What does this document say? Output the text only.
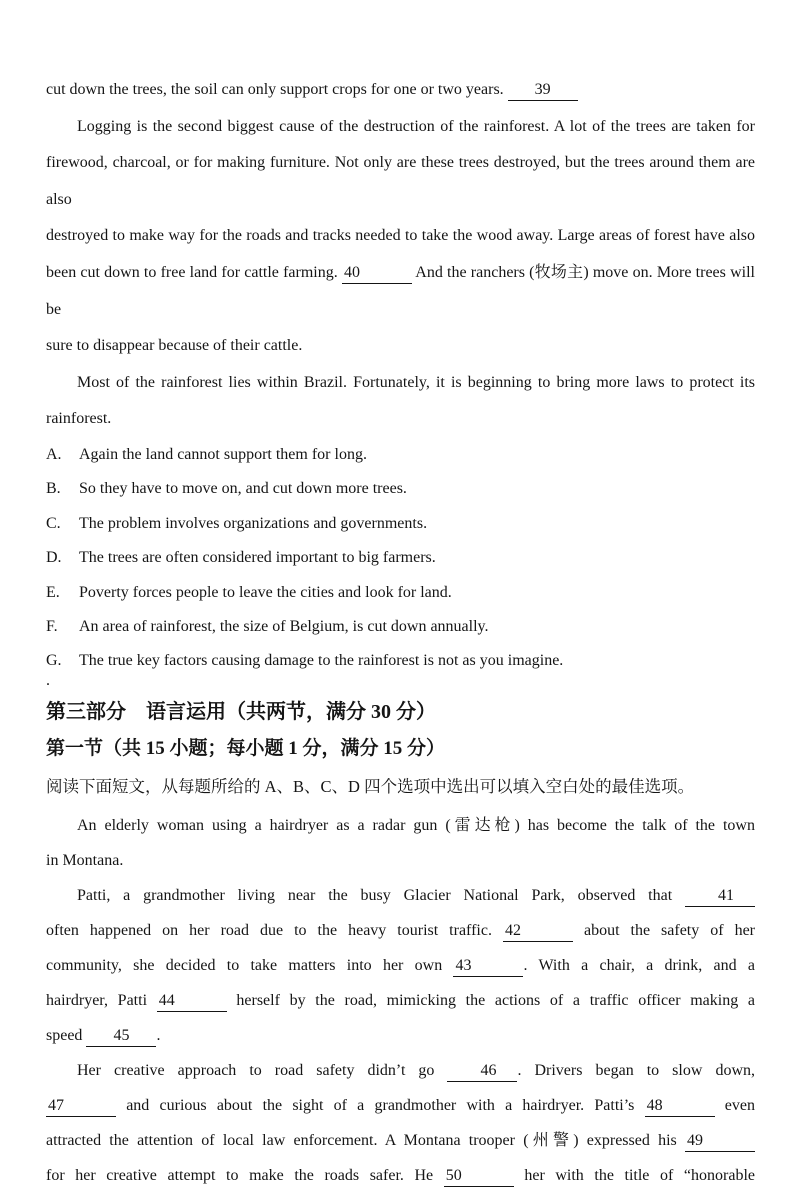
cut down the trees, the soil can only support crops for one or two years. 39
Logging is the second biggest cause of the destruction of the rainforest. A lot of the trees are taken for
firewood, charcoal, or for making furniture. Not only are these trees destroyed, but the trees around them are also
destroyed to make way for the roads and tracks needed to take the wood away. Large areas of forest have also
been cut down to free land for cattle farming. 40	And the ranchers (牧场主) move on. More trees will be
sure to disappear because of their cattle.
Most of the rainforest lies within Brazil. Fortunately, it is beginning to bring more laws to protect its
rainforest.
A. Again the land cannot support them for long.
B. So they have to move on, and cut down more trees.
C. The problem involves organizations and governments.
D. The trees are often considered important to big farmers.
E. Poverty forces people to leave the cities and look for land.
F. An area of rainforest, the size of Belgium, is cut down annually.
G. The true key factors causing damage to the rainforest is not as you imagine.
.
第三部分　语言运用（共两节，满分 30 分）
第一节（共 15 小题；每小题 1 分，满分 15 分）
阅读下面短文，从每题所给的 A、B、C、D 四个选项中选出可以填入空白处的最佳选项。
An elderly woman using a hairdryer as a radar gun (雷达枪) has become the talk of the town
in Montana.
Patti, a grandmother living near the busy Glacier National Park, observed that 41
often happened on her road due to the heavy tourist traffic. 42	about the safety of her
community, she decided to take matters into her own 43	. With a chair, a drink, and a
hairdryer, Patti 44	herself by the road, mimicking the actions of a traffic officer making a
speed 45 .
Her creative approach to road safety didn’t go 46 . Drivers began to slow down,
47	and curious about the sight of a grandmother with a hairdryer. Patti’s 48	even
attracted the attention of local law enforcement. A Montana trooper (州警) expressed his 49
for her creative attempt to make the roads safer. He 50	her with the title of “honorable
